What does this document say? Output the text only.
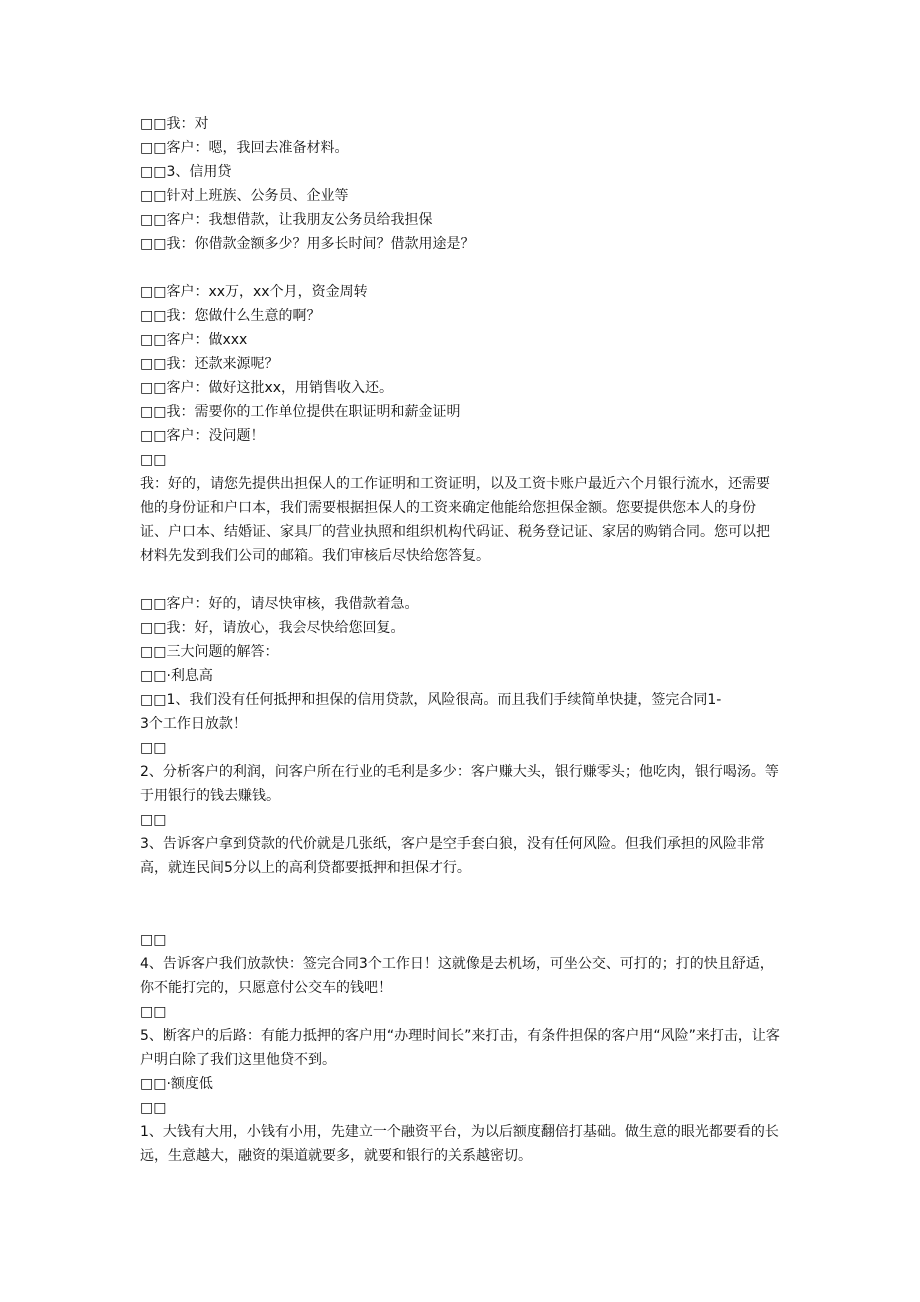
□□我：对
□□客户：嗯，我回去准备材料。
□□3、信用贷
□□针对上班族、公务员、企业等
□□客户：我想借款，让我朋友公务员给我担保
□□我：你借款金额多少？用多长时间？借款用途是？
□□客户：xx万，xx个月，资金周转
□□我：您做什么生意的啊？
□□客户：做xxx
□□我：还款来源呢？
□□客户：做好这批xx，用销售收入还。
□□我：需要你的工作单位提供在职证明和薪金证明
□□客户：没问题！
□□
我：好的，请您先提供出担保人的工作证明和工资证明，以及工资卡账户最近六个月银行流水，还需要他的身份证和户口本，我们需要根据担保人的工资来确定他能给您担保金额。您要提供您本人的身份证、户口本、结婚证、家具厂的营业执照和组织机构代码证、税务登记证、家居的购销合同。您可以把材料先发到我们公司的邮箱。我们审核后尽快给您答复。
□□客户：好的，请尽快审核，我借款着急。
□□我：好，请放心，我会尽快给您回复。
□□三大问题的解答：
□□·利息高
□□1、我们没有任何抵押和担保的信用贷款，风险很高。而且我们手续简单快捷，签完合同1-
3个工作日放款！
□□
2、分析客户的利润，问客户所在行业的毛利是多少：客户赚大头，银行赚零头；他吃肉，银行喝汤。等于用银行的钱去赚钱。
□□
3、告诉客户拿到贷款的代价就是几张纸，客户是空手套白狼，没有任何风险。但我们承担的风险非常高，就连民间5分以上的高利贷都要抵押和担保才行。
□□
4、告诉客户我们放款快：签完合同3个工作日！这就像是去机场，可坐公交、可打的；打的快且舒适，你不能打完的，只愿意付公交车的钱吧！
□□
5、断客户的后路：有能力抵押的客户用“办理时间长”来打击，有条件担保的客户用“风险”来打击，让客户明白除了我们这里他贷不到。
□□·额度低
□□
1、大钱有大用，小钱有小用，先建立一个融资平台，为以后额度翻倍打基础。做生意的眼光都要看的长远，生意越大，融资的渠道就要多，就要和银行的关系越密切。
